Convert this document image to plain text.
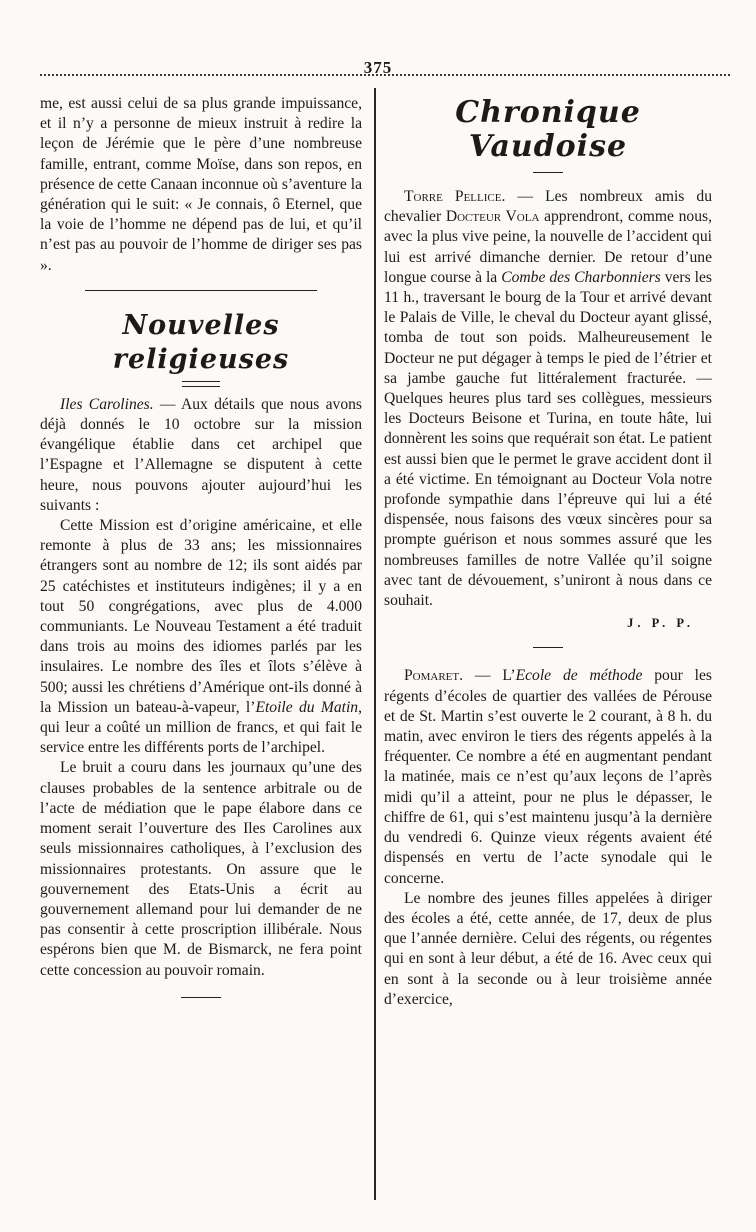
375

me, est aussi celui de sa plus grande impuissance, et il n’y a personne de mieux instruit à redire la leçon de Jérémie que le père d’une nombreuse famille, entrant, comme Moïse, dans son repos, en présence de cette Canaan inconnue où s’aventure la génération qui le suit: « Je connais, ô Eternel, que la voie de l’homme ne dépend pas de lui, et qu’il n’est pas au pouvoir de l’homme de diriger ses pas ».

Nouvelles religieuses

Iles Carolines. — Aux détails que nous avons déjà donnés le 10 octobre sur la mission évangélique établie dans cet archipel que l’Espagne et l’Allemagne se disputent à cette heure, nous pouvons ajouter aujourd’hui les suivants :

Cette Mission est d’origine américaine, et elle remonte à plus de 33 ans; les missionnaires étrangers sont au nombre de 12; ils sont aidés par 25 catéchistes et instituteurs indigènes; il y a en tout 50 congrégations, avec plus de 4.000 communiants. Le Nouveau Testament a été traduit dans trois au moins des idiomes parlés par les insulaires. Le nombre des îles et îlots s’élève à 500; aussi les chrétiens d’Amérique ont-ils donné à la Mission un bateau-à-vapeur, l’Etoile du Matin, qui leur a coûté un million de francs, et qui fait le service entre les différents ports de l’archipel.

Le bruit a couru dans les journaux qu’une des clauses probables de la sentence arbitrale ou de l’acte de médiation que le pape élabore dans ce moment serait l’ouverture des Iles Carolines aux seuls missionnaires catholiques, à l’exclusion des missionnaires protestants. On assure que le gouvernement des Etats-Unis a écrit au gouvernement allemand pour lui demander de ne pas consentir à cette proscription illibérale. Nous espérons bien que M. de Bismarck, ne fera point cette concession au pouvoir romain.

Chronique Vaudoise

Torre Pellice. — Les nombreux amis du chevalier Docteur Vola apprendront, comme nous, avec la plus vive peine, la nouvelle de l’accident qui lui est arrivé dimanche dernier. De retour d’une longue course à la Combe des Charbonniers vers les 11 h., traversant le bourg de la Tour et arrivé devant le Palais de Ville, le cheval du Docteur ayant glissé, tomba de tout son poids. Malheureusement le Docteur ne put dégager à temps le pied de l’étrier et sa jambe gauche fut littéralement fracturée. — Quelques heures plus tard ses collègues, messieurs les Docteurs Beisone et Turina, en toute hâte, lui donnèrent les soins que requérait son état. Le patient est aussi bien que le permet le grave accident dont il a été victime. En témoignant au Docteur Vola notre profonde sympathie dans l’épreuve qui lui a été dispensée, nous faisons des vœux sincères pour sa prompte guérison et nous sommes assuré que les nombreuses familles de notre Vallée qu’il soigne avec tant de dévouement, s’uniront à nous dans ce souhait.

J. P. P.

Pomaret. — L’Ecole de méthode pour les régents d’écoles de quartier des vallées de Pérouse et de St. Martin s’est ouverte le 2 courant, à 8 h. du matin, avec environ le tiers des régents appelés à la fréquenter. Ce nombre a été en augmentant pendant la matinée, mais ce n’est qu’aux leçons de l’après midi qu’il a atteint, pour ne plus le dépasser, le chiffre de 61, qui s’est maintenu jusqu’à la dernière du vendredi 6. Quinze vieux régents avaient été dispensés en vertu de l’acte synodale qui le concerne.

Le nombre des jeunes filles appelées à diriger des écoles a été, cette année, de 17, deux de plus que l’année dernière. Celui des régents, ou régentes qui en sont à leur début, a été de 16. Avec ceux qui en sont à la seconde ou à leur troisième année d’exercice,
